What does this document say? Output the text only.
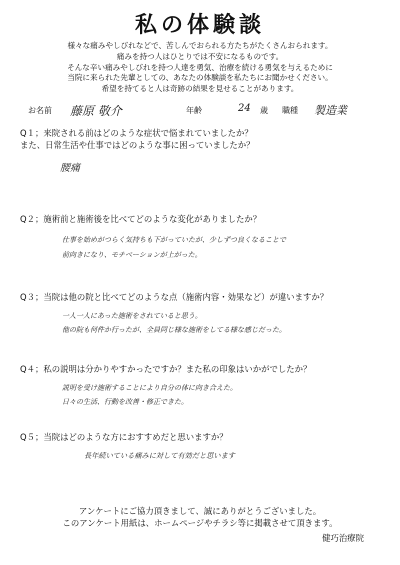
私の体験談
様々な痛みやしびれなどで、苦しんでおられる方たちがたくさんおられます。
痛みを持つ人はひとりでは不安になるものです。
そんな辛い痛みやしびれを持つ人達を勇気、治療を続ける勇気を与えるために
当院に来られた先輩としての、あなたの体験談を私たちにお聞かせください。
希望を持てると人は奇跡の結果を見せることがあります。
お名前 藤原 敬介	年齢	24 歳 職種 製造業
Q１；来院される前はどのような症状で悩まれていましたか？
また、日常生活や仕事ではどのような事に困っていましたか？
腰痛
Q２；施術前と施術後を比べてどのような変化がありましたか？
仕事を始めがつらく気持ちも下がっていたが、少しずつ良くなることで
前向きになり、モチベーションが上がった。
Q３；当院は他の院と比べてどのような点（施術内容・効果など）が違いますか？
一人一人にあった施術をされていると思う。
他の院も何件か行ったが、全員同じ様な施術をしてる様な感じだった。
Q４；私の説明は分かりやすかったですか？また私の印象はいかがでしたか？
説明を受け施術することにより自分の体に向き合えた。
日々の生活、行動を改善・修正できた。
Q５；当院はどのような方におすすめだと思いますか？
長年続いている痛みに対して有効だと思います
アンケートにご協力頂きまして、誠にありがとうございました。
このアンケート用紙は、ホームページやチラシ等に掲載させて頂きます。
健巧治療院
